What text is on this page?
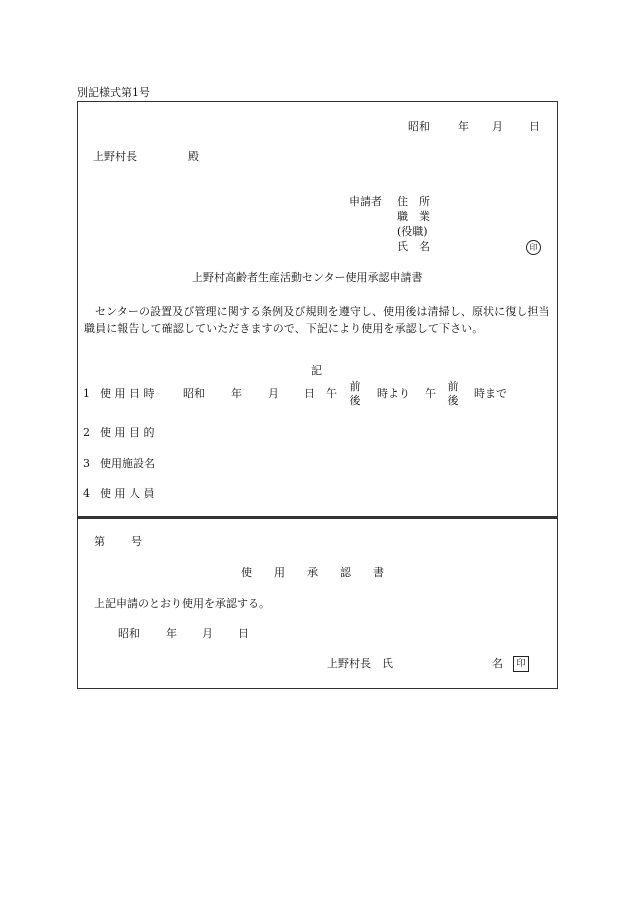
別記様式第1号
昭和	年 月 日
上野村長	殿
申請者 住　所
職　業
(役職)
氏　名	印
上野村高齢者生産活動センター使用承認申請書
センターの設置及び管理に関する条例及び規則を遵守し、使用後は清掃し、原状に復し担当職員に報告して確認していただきますので、下記により使用を承認して下さい。
記
1 使 用 日 時	昭和 年 月 日 午
前
後
時より 午
前
後
時まで
2 使 用 目 的
3 使用施設名
4 使 用 人 員
第 号
使　　用　　承　　認　　書
上記申請のとおり使用を承認する。
昭和 年 月 日
上野村長　氏	名	印
